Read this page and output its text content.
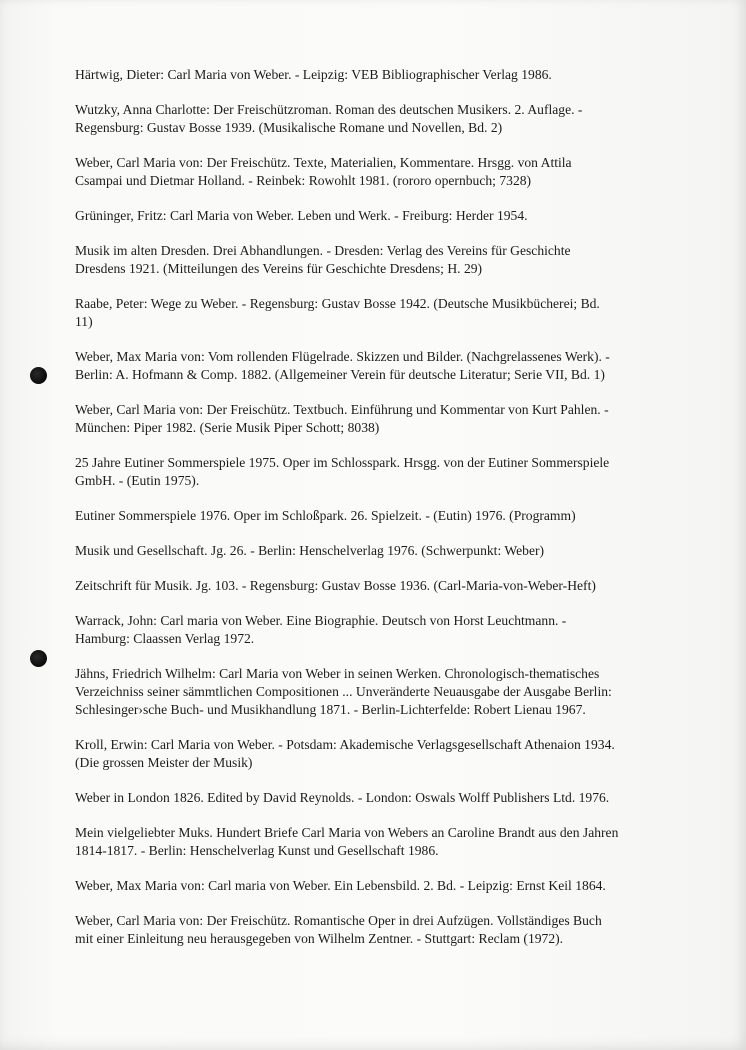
Härtwig, Dieter: Carl Maria von Weber. - Leipzig: VEB Bibliographischer Verlag 1986.
Wutzky, Anna Charlotte: Der Freischützroman. Roman des deutschen Musikers. 2. Auflage. -
Regensburg: Gustav Bosse 1939. (Musikalische Romane und Novellen, Bd. 2)
Weber, Carl Maria von: Der Freischütz. Texte, Materialien, Kommentare. Hrsgg. von Attila
Csampai und Dietmar Holland. - Reinbek: Rowohlt 1981. (rororo opernbuch; 7328)
Grüninger, Fritz: Carl Maria von Weber. Leben und Werk. - Freiburg: Herder 1954.
Musik im alten Dresden. Drei Abhandlungen. - Dresden: Verlag des Vereins für Geschichte
Dresdens 1921. (Mitteilungen des Vereins für Geschichte Dresdens; H. 29)
Raabe, Peter: Wege zu Weber. - Regensburg: Gustav Bosse 1942. (Deutsche Musikbücherei; Bd.
11)
Weber, Max Maria von: Vom rollenden Flügelrade. Skizzen und Bilder. (Nachgrelassenes Werk). -
Berlin: A. Hofmann & Comp. 1882. (Allgemeiner Verein für deutsche Literatur; Serie VII, Bd. 1)
Weber, Carl Maria von: Der Freischütz. Textbuch. Einführung und Kommentar von Kurt Pahlen. -
München: Piper 1982. (Serie Musik Piper Schott; 8038)
25 Jahre Eutiner Sommerspiele 1975. Oper im Schlosspark. Hrsgg. von der Eutiner Sommerspiele
GmbH. - (Eutin 1975).
Eutiner Sommerspiele 1976. Oper im Schloßpark. 26. Spielzeit. - (Eutin) 1976. (Programm)
Musik und Gesellschaft. Jg. 26. - Berlin: Henschelverlag 1976. (Schwerpunkt: Weber)
Zeitschrift für Musik. Jg. 103. - Regensburg: Gustav Bosse 1936. (Carl-Maria-von-Weber-Heft)
Warrack, John: Carl maria von Weber. Eine Biographie. Deutsch von Horst Leuchtmann. -
Hamburg: Claassen Verlag 1972.
Jähns, Friedrich Wilhelm: Carl Maria von Weber in seinen Werken. Chronologisch-thematisches
Verzeichniss seiner sämmtlichen Compositionen ... Unveränderte Neuausgabe der Ausgabe Berlin:
Schlesinger›sche Buch- und Musikhandlung 1871. - Berlin-Lichterfelde: Robert Lienau 1967.
Kroll, Erwin: Carl Maria von Weber. - Potsdam: Akademische Verlagsgesellschaft Athenaion 1934.
(Die grossen Meister der Musik)
Weber in London 1826. Edited by David Reynolds. - London: Oswals Wolff Publishers Ltd. 1976.
Mein vielgeliebter Muks. Hundert Briefe Carl Maria von Webers an Caroline Brandt aus den Jahren
1814-1817. - Berlin: Henschelverlag Kunst und Gesellschaft 1986.
Weber, Max Maria von: Carl maria von Weber. Ein Lebensbild. 2. Bd. - Leipzig: Ernst Keil 1864.
Weber, Carl Maria von: Der Freischütz. Romantische Oper in drei Aufzügen. Vollständiges Buch
mit einer Einleitung neu herausgegeben von Wilhelm Zentner. - Stuttgart: Reclam (1972).
